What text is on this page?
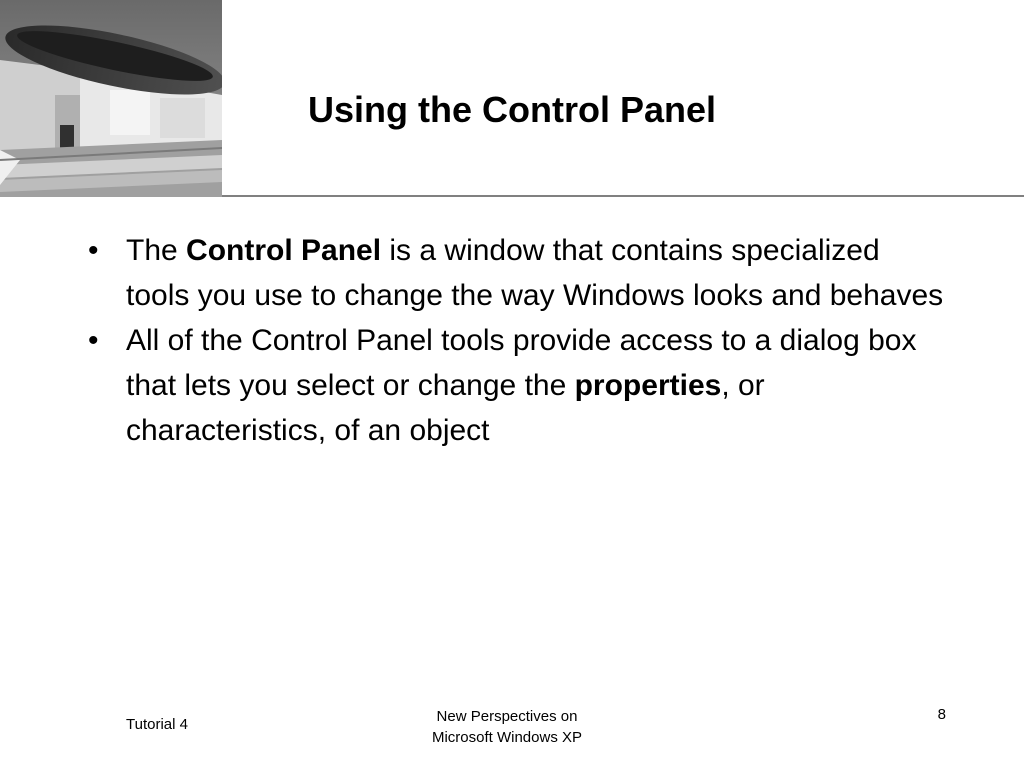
Using the Control Panel
• The Control Panel is a window that contains specialized tools you use to change the way Windows looks and behaves
• All of the Control Panel tools provide access to a dialog box that lets you select or change the properties, or characteristics, of an object
Tutorial 4	New Perspectives on
Microsoft Windows XP
8
